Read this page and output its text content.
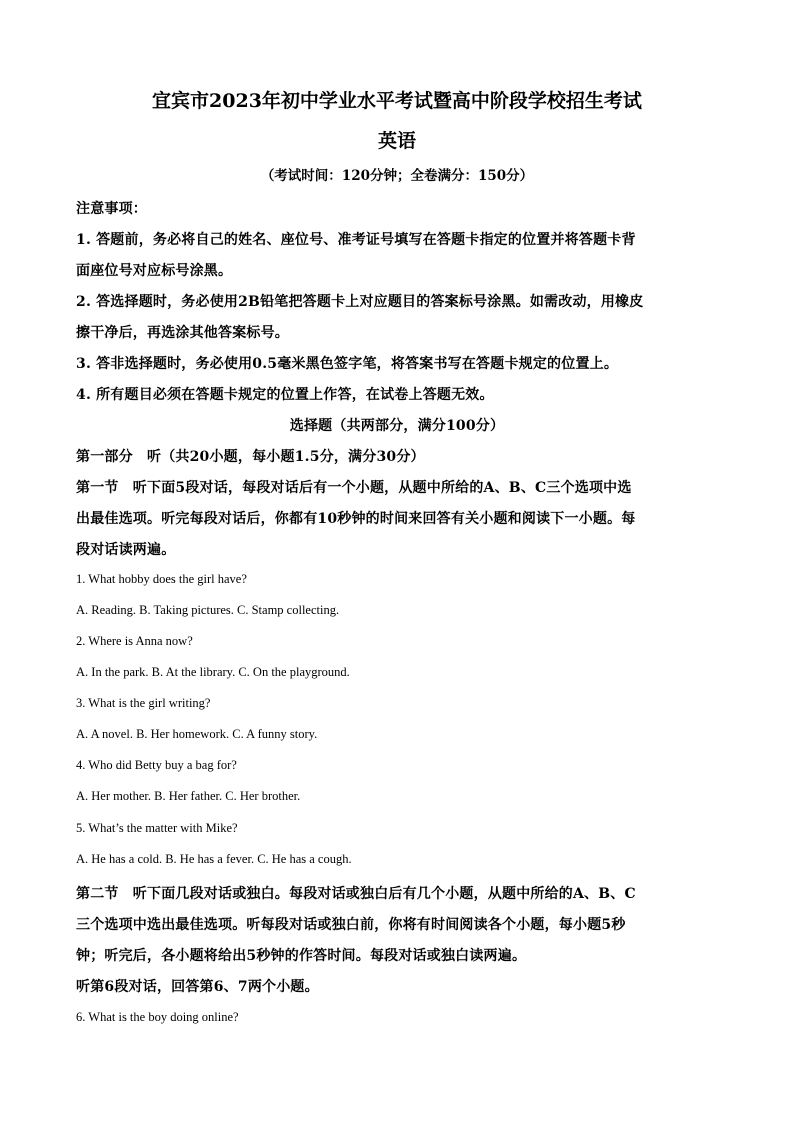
宜宾市2023年初中学业水平考试暨高中阶段学校招生考试
英语
（考试时间：120分钟；全卷满分：150分）
注意事项：
1. 答题前，务必将自己的姓名、座位号、准考证号填写在答题卡指定的位置并将答题卡背
面座位号对应标号涂黑。
2. 答选择题时，务必使用2B铅笔把答题卡上对应题目的答案标号涂黑。如需改动，用橡皮
擦干净后，再选涂其他答案标号。
3. 答非选择题时，务必使用0.5毫米黑色签字笔，将答案书写在答题卡规定的位置上。
4. 所有题目必须在答题卡规定的位置上作答，在试卷上答题无效。
选择题（共两部分，满分100分）
第一部分　听（共20小题，每小题1.5分，满分30分）
第一节　听下面5段对话，每段对话后有一个小题，从题中所给的A、B、C三个选项中选
出最佳选项。听完每段对话后，你都有10秒钟的时间来回答有关小题和阅读下一小题。每
段对话读两遍。
1. What hobby does the girl have?
A. Reading. B. Taking pictures. C. Stamp collecting.
2. Where is Anna now?
A. In the park. B. At the library. C. On the playground.
3. What is the girl writing?
A. A novel. B. Her homework. C. A funny story.
4. Who did Betty buy a bag for?
A. Her mother. B. Her father. C. Her brother.
5. What’s the matter with Mike?
A. He has a cold. B. He has a fever. C. He has a cough.
第二节　听下面几段对话或独白。每段对话或独白后有几个小题，从题中所给的A、B、C
三个选项中选出最佳选项。听每段对话或独白前，你将有时间阅读各个小题，每小题5秒
钟；听完后，各小题将给出5秒钟的作答时间。每段对话或独白读两遍。
听第6段对话，回答第6、7两个小题。
6. What is the boy doing online?
